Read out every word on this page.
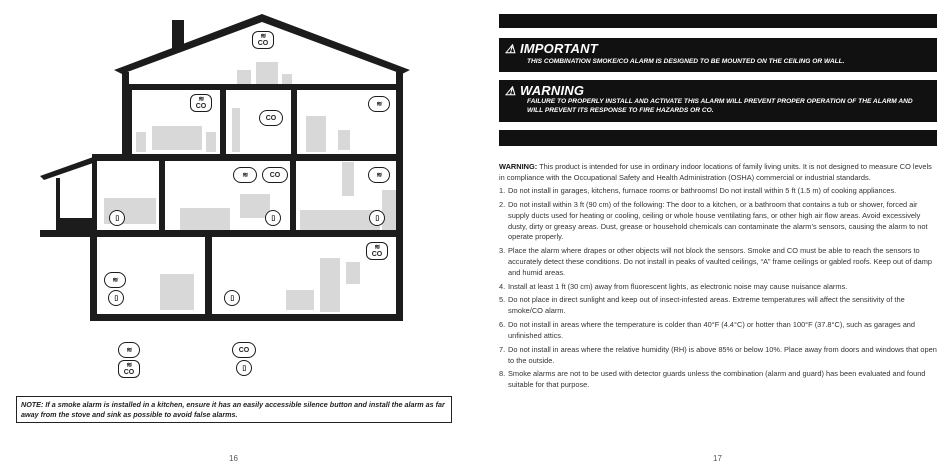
≋
CO
≋
CO
CO
≋
≋	CO	≋
▯	▯	▯
≋
CO
≋
▯	▯
≋	CO
≋
CO
▯
NOTE: If a smoke alarm is installed in a kitchen, ensure it has an easily accessible silence button and install the alarm as far away from the stove and sink as possible to avoid false alarms.
16
⚠ IMPORTANT
THIS COMBINATION SMOKE/CO ALARM IS DESIGNED TO BE MOUNTED ON THE CEILING OR WALL.
⚠ WARNING
FAILURE TO PROPERLY INSTALL AND ACTIVATE THIS ALARM WILL PREVENT PROPER OPERATION OF THE ALARM AND WILL PREVENT ITS RESPONSE TO FIRE HAZARDS OR CO.

WARNING: This product is intended for use in ordinary indoor locations of family living units. It is not designed to measure CO levels in compliance with the Occupational Safety and Health Administration (OSHA) commercial or industrial standards.

1. Do not install in garages, kitchens, furnace rooms or bathrooms! Do not install within 5 ft (1.5 m) of cooking appliances.
2. Do not install within 3 ft (90 cm) of the following: The door to a kitchen, or a bathroom that contains a tub or shower, forced air supply ducts used for heating or cooling, ceiling or whole house ventilating fans, or other high air flow areas. Avoid excessively dusty, dirty or greasy areas. Dust, grease or household chemicals can contaminate the alarm’s sensors, causing the alarm to not operate properly.
3. Place the alarm where drapes or other objects will not block the sensors. Smoke and CO must be able to reach the sensors to accurately detect these conditions. Do not install in peaks of vaulted ceilings, “A” frame ceilings or gabled roofs. Keep out of damp and humid areas.
4. Install at least 1 ft (30 cm) away from fluorescent lights, as electronic noise may cause nuisance alarms.
5. Do not place in direct sunlight and keep out of insect-infested areas. Extreme temperatures will affect the sensitivity of the smoke/CO alarm.
6. Do not install in areas where the temperature is colder than 40°F (4.4°C) or hotter than 100°F (37.8°C), such as garages and unfinished attics.
7. Do not install in areas where the relative humidity (RH) is above 85% or below 10%. Place away from doors and windows that open to the outside.
8. Smoke alarms are not to be used with detector guards unless the combination (alarm and guard) has been evaluated and found suitable for that purpose.
17
